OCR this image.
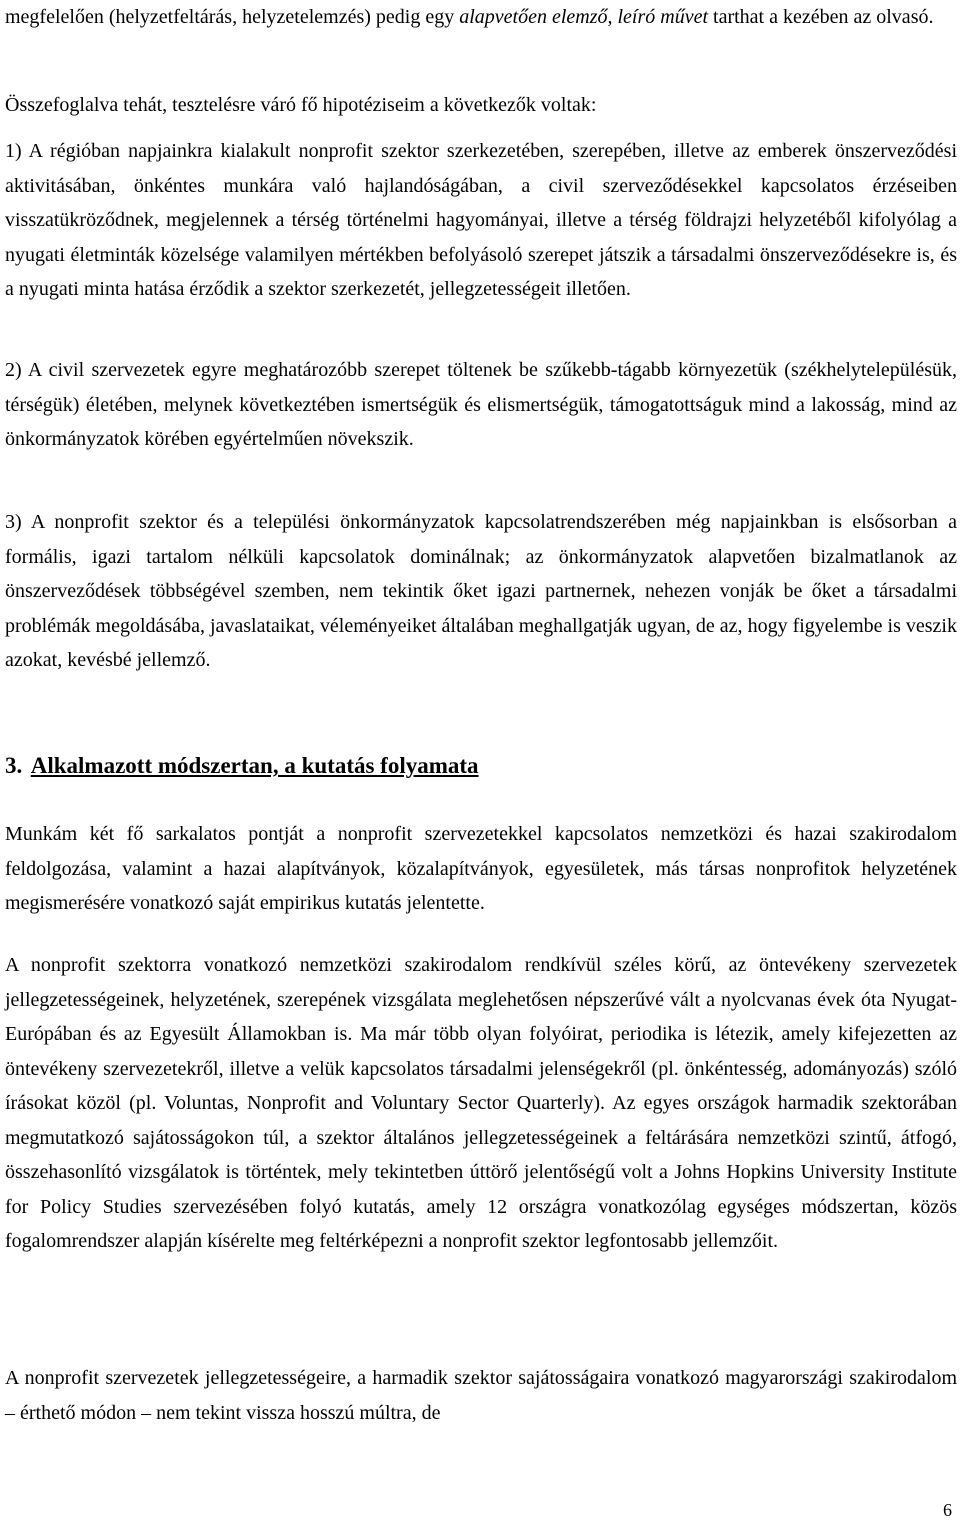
megfelelően (helyzetfeltárás, helyzetelemzés) pedig egy alapvetően elemző, leíró művet tarthat a kezében az olvasó.

Összefoglalva tehát, tesztelésre váró fő hipotéziseim a következők voltak:

1) A régióban napjainkra kialakult nonprofit szektor szerkezetében, szerepében, illetve az emberek önszerveződési aktivitásában, önkéntes munkára való hajlandóságában, a civil szerveződésekkel kapcsolatos érzéseiben visszatükröződnek, megjelennek a térség történelmi hagyományai, illetve a térség földrajzi helyzetéből kifolyólag a nyugati életminták közelsége valamilyen mértékben befolyásoló szerepet játszik a társadalmi önszerveződésekre is, és a nyugati minta hatása érződik a szektor szerkezetét, jellegzetességeit illetően.

2) A civil szervezetek egyre meghatározóbb szerepet töltenek be szűkebb-tágabb környezetük (székhelytelepülésük, térségük) életében, melynek következtében ismertségük és elismertségük, támogatottságuk mind a lakosság, mind az önkormányzatok körében egyértelműen növekszik.

3) A nonprofit szektor és a települési önkormányzatok kapcsolatrendszerében még napjainkban is elsősorban a formális, igazi tartalom nélküli kapcsolatok dominálnak; az önkormányzatok alapvetően bizalmatlanok az önszerveződések többségével szemben, nem tekintik őket igazi partnernek, nehezen vonják be őket a társadalmi problémák megoldásába, javaslataikat, véleményeiket általában meghallgatják ugyan, de az, hogy figyelembe is veszik azokat, kevésbé jellemző.

3. Alkalmazott módszertan, a kutatás folyamata

Munkám két fő sarkalatos pontját a nonprofit szervezetekkel kapcsolatos nemzetközi és hazai szakirodalom feldolgozása, valamint a hazai alapítványok, közalapítványok, egyesületek, más társas nonprofitok helyzetének megismerésére vonatkozó saját empirikus kutatás jelentette.

A nonprofit szektorra vonatkozó nemzetközi szakirodalom rendkívül széles körű, az öntevékeny szervezetek jellegzetességeinek, helyzetének, szerepének vizsgálata meglehetősen népszerűvé vált a nyolcvanas évek óta Nyugat-Európában és az Egyesült Államokban is. Ma már több olyan folyóirat, periodika is létezik, amely kifejezetten az öntevékeny szervezetekről, illetve a velük kapcsolatos társadalmi jelenségekről (pl. önkéntesség, adományozás) szóló írásokat közöl (pl. Voluntas, Nonprofit and Voluntary Sector Quarterly). Az egyes országok harmadik szektorában megmutatkozó sajátosságokon túl, a szektor általános jellegzetességeinek a feltárására nemzetközi szintű, átfogó, összehasonlító vizsgálatok is történtek, mely tekintetben úttörő jelentőségű volt a Johns Hopkins University Institute for Policy Studies szervezésében folyó kutatás, amely 12 országra vonatkozólag egységes módszertan, közös fogalomrendszer alapján kísérelte meg feltérképezni a nonprofit szektor legfontosabb jellemzőit.

A nonprofit szervezetek jellegzetességeire, a harmadik szektor sajátosságaira vonatkozó magyarországi szakirodalom – érthető módon – nem tekint vissza hosszú múltra, de

6
